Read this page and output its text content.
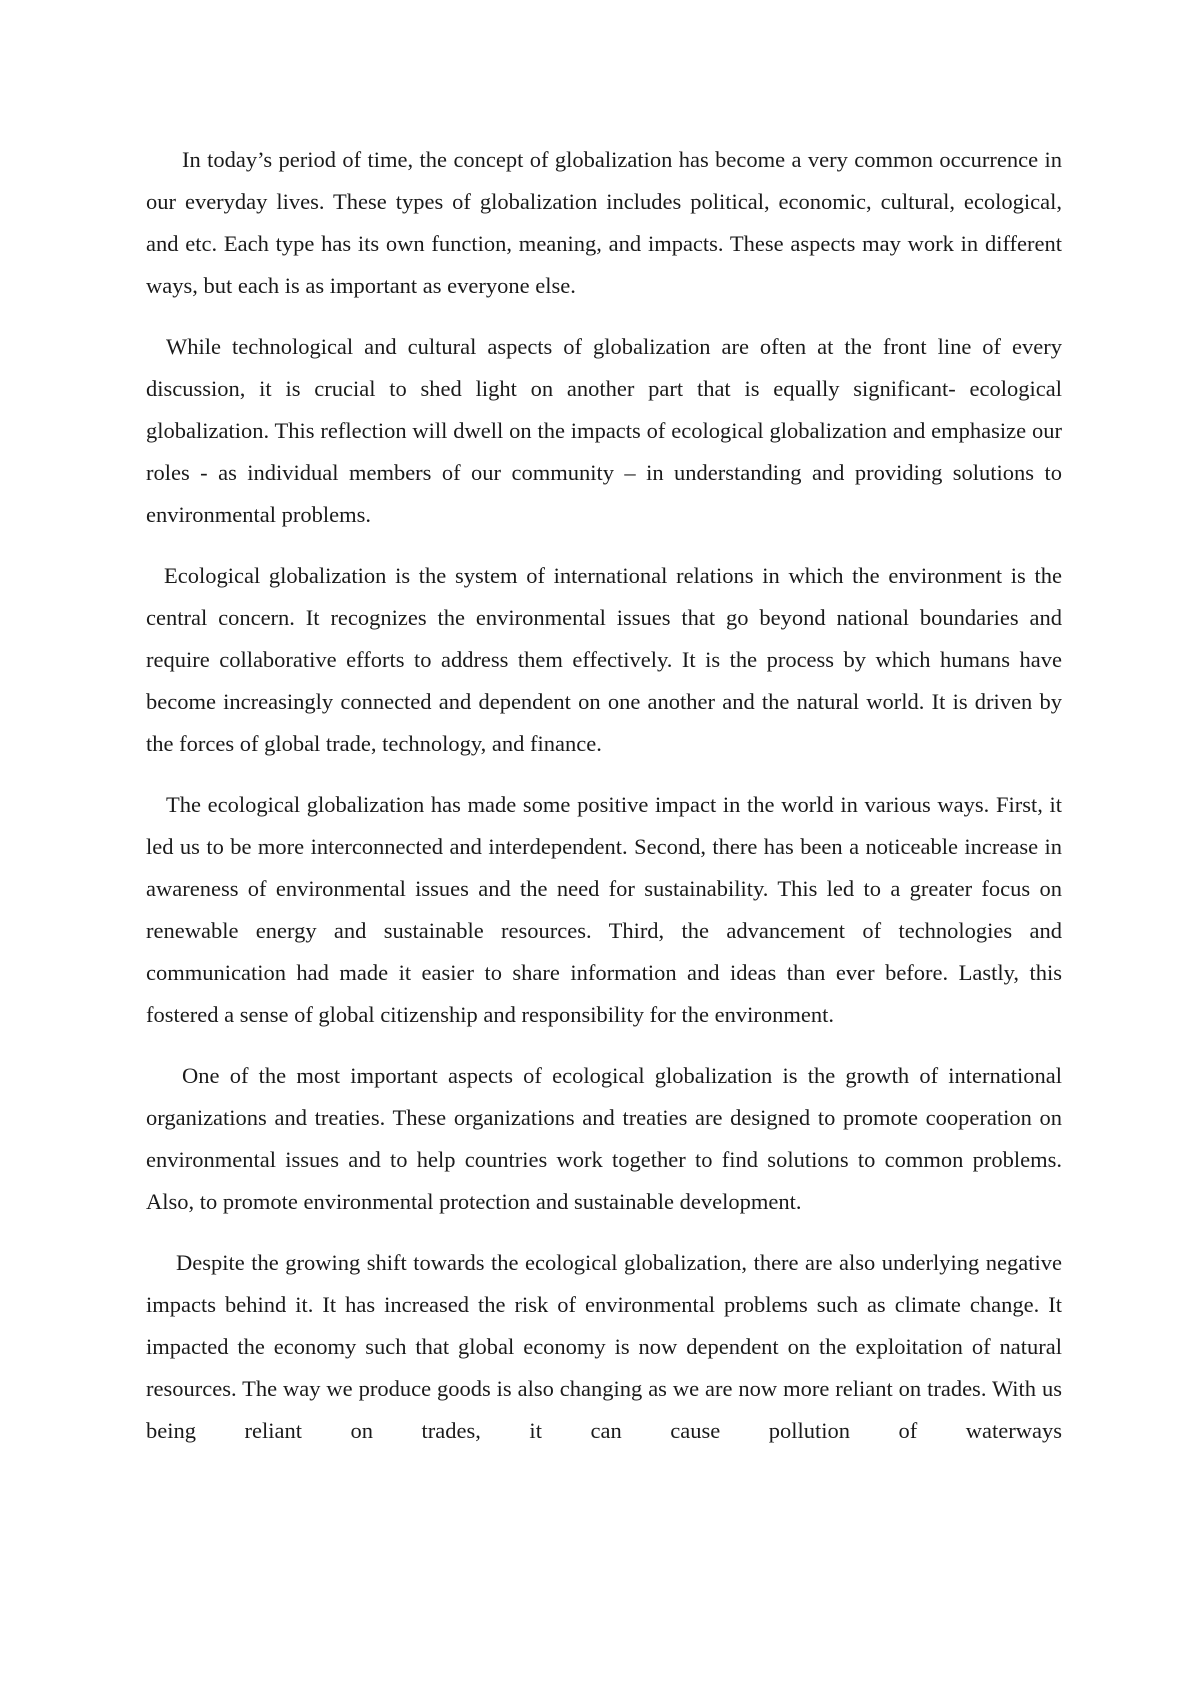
In today’s period of time, the concept of globalization has become a very common occurrence in our everyday lives. These types of globalization includes political, economic, cultural, ecological, and etc. Each type has its own function, meaning, and impacts. These aspects may work in different ways, but each is as important as everyone else.

While technological and cultural aspects of globalization are often at the front line of every discussion, it is crucial to shed light on another part that is equally significant- ecological globalization. This reflection will dwell on the impacts of ecological globalization and emphasize our roles - as individual members of our community – in understanding and providing solutions to environmental problems.

Ecological globalization is the system of international relations in which the environment is the central concern. It recognizes the environmental issues that go beyond national boundaries and require collaborative efforts to address them effectively. It is the process by which humans have become increasingly connected and dependent on one another and the natural world. It is driven by the forces of global trade, technology, and finance.

The ecological globalization has made some positive impact in the world in various ways. First, it led us to be more interconnected and interdependent. Second, there has been a noticeable increase in awareness of environmental issues and the need for sustainability. This led to a greater focus on renewable energy and sustainable resources. Third, the advancement of technologies and communication had made it easier to share information and ideas than ever before. Lastly, this fostered a sense of global citizenship and responsibility for the environment.

One of the most important aspects of ecological globalization is the growth of international organizations and treaties. These organizations and treaties are designed to promote cooperation on environmental issues and to help countries work together to find solutions to common problems. Also, to promote environmental protection and sustainable development.

Despite the growing shift towards the ecological globalization, there are also underlying negative impacts behind it. It has increased the risk of environmental problems such as climate change. It impacted the economy such that global economy is now dependent on the exploitation of natural resources. The way we produce goods is also changing as we are now more reliant on trades. With us being reliant on trades, it can cause pollution of waterways
